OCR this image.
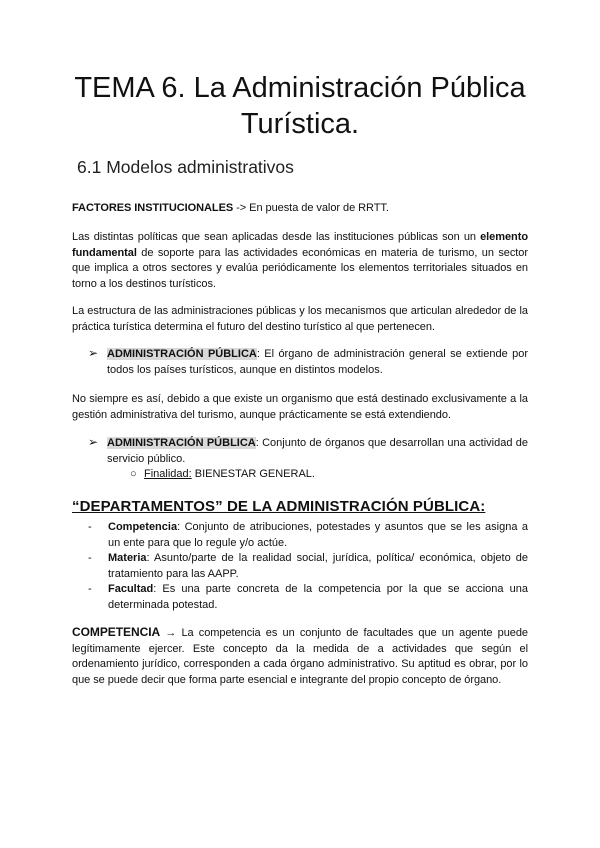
TEMA 6. La Administración Pública Turística.
6.1 Modelos administrativos

FACTORES INSTITUCIONALES -> En puesta de valor de RRTT.

Las distintas políticas que sean aplicadas desde las instituciones públicas son un elemento fundamental de soporte para las actividades económicas en materia de turismo, un sector que implica a otros sectores y evalúa periódicamente los elementos territoriales situados en torno a los destinos turísticos.

La estructura de las administraciones públicas y los mecanismos que articulan alrededor de la práctica turística determina el futuro del destino turístico al que pertenecen.

➢ ADMINISTRACIÓN PÚBLICA: El órgano de administración general se extiende por todos los países turísticos, aunque en distintos modelos.

No siempre es así, debido a que existe un organismo que está destinado exclusivamente a la gestión administrativa del turismo, aunque prácticamente se está extendiendo.

➢ ADMINISTRACIÓN PÚBLICA: Conjunto de órganos que desarrollan una actividad de servicio público.
○ Finalidad: BIENESTAR GENERAL.
“DEPARTAMENTOS” DE LA ADMINISTRACIÓN PÚBLICA:
- Competencia: Conjunto de atribuciones, potestades y asuntos que se les asigna a un ente para que lo regule y/o actúe.
- Materia: Asunto/parte de la realidad social, jurídica, política/ económica, objeto de tratamiento para las AAPP.
- Facultad: Es una parte concreta de la competencia por la que se acciona una determinada potestad.

COMPETENCIA → La competencia es un conjunto de facultades que un agente puede legítimamente ejercer. Este concepto da la medida de a actividades que según el ordenamiento jurídico, corresponden a cada órgano administrativo. Su aptitud es obrar, por lo que se puede decir que forma parte esencial e integrante del propio concepto de órgano.
